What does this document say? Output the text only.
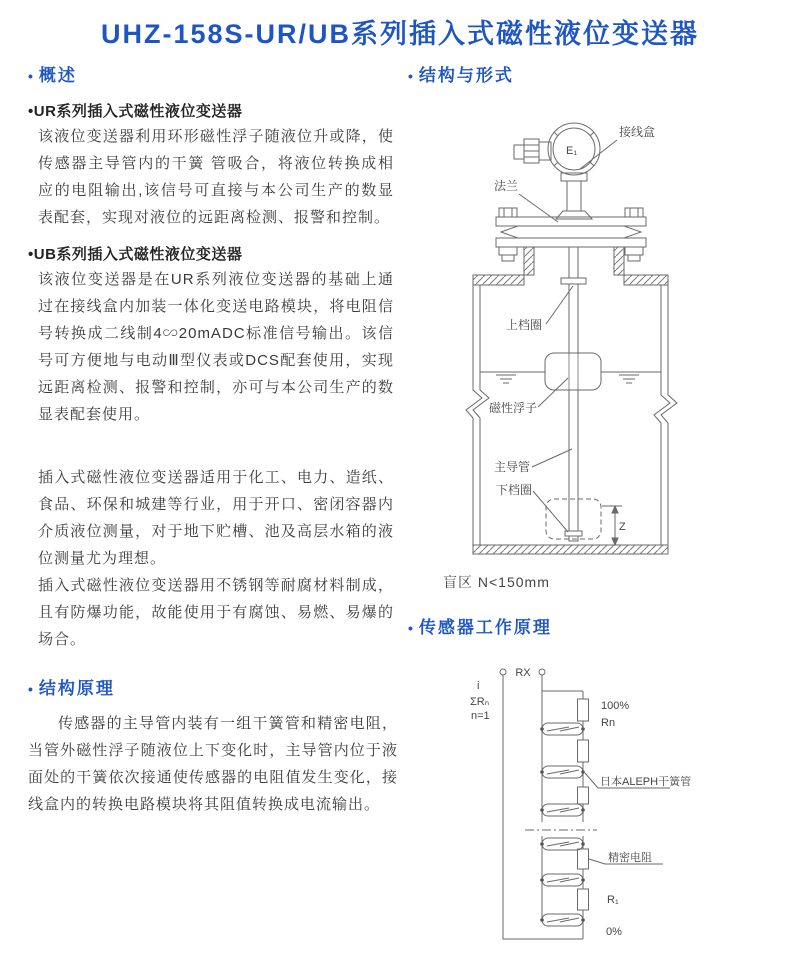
UHZ-158S-UR/UB系列插入式磁性液位变送器
• 概述
•UR系列插入式磁性液位变送器
该液位变送器利用环形磁性浮子随液位升或降，使传感器主导管内的干簧 管吸合，将液位转换成相应的电阻输出,该信号可直接与本公司生产的数显表配套，实现对液位的远距离检测、报警和控制。
•UB系列插入式磁性液位变送器
该液位变送器是在UR系列液位变送器的基础上通过在接线盒内加装一体化变送电路模块，将电阻信号转换成二线制4∽20mADC标准信号输出。该信号可方便地与电动Ⅲ型仪表或DCS配套使用，实现远距离检测、报警和控制，亦可与本公司生产的数显表配套使用。
插入式磁性液位变送器适用于化工、电力、造纸、食品、环保和城建等行业，用于开口、密闭容器内介质液位测量，对于地下贮槽、池及高层水箱的液位测量尤为理想。
插入式磁性液位变送器用不锈钢等耐腐材料制成，且有防爆功能，故能使用于有腐蚀、易燃、易爆的场合。
• 结构原理
传感器的主导管内装有一组干簧管和精密电阻，当管外磁性浮子随液位上下变化时，主导管内位于液面处的干簧依次接通使传感器的电阻值发生变化，接线盒内的转换电路模块将其阻值转换成电流输出。
• 结构与形式
接线盒
E₁
法兰
上档圈
磁性浮子
主导管
下档圈
Z
盲区 N<150mm
• 传感器工作原理
RX
i
ΣRₙ
n=1
100%
Rn
日本ALEPH干簧管
精密电阻
R₁
0%
